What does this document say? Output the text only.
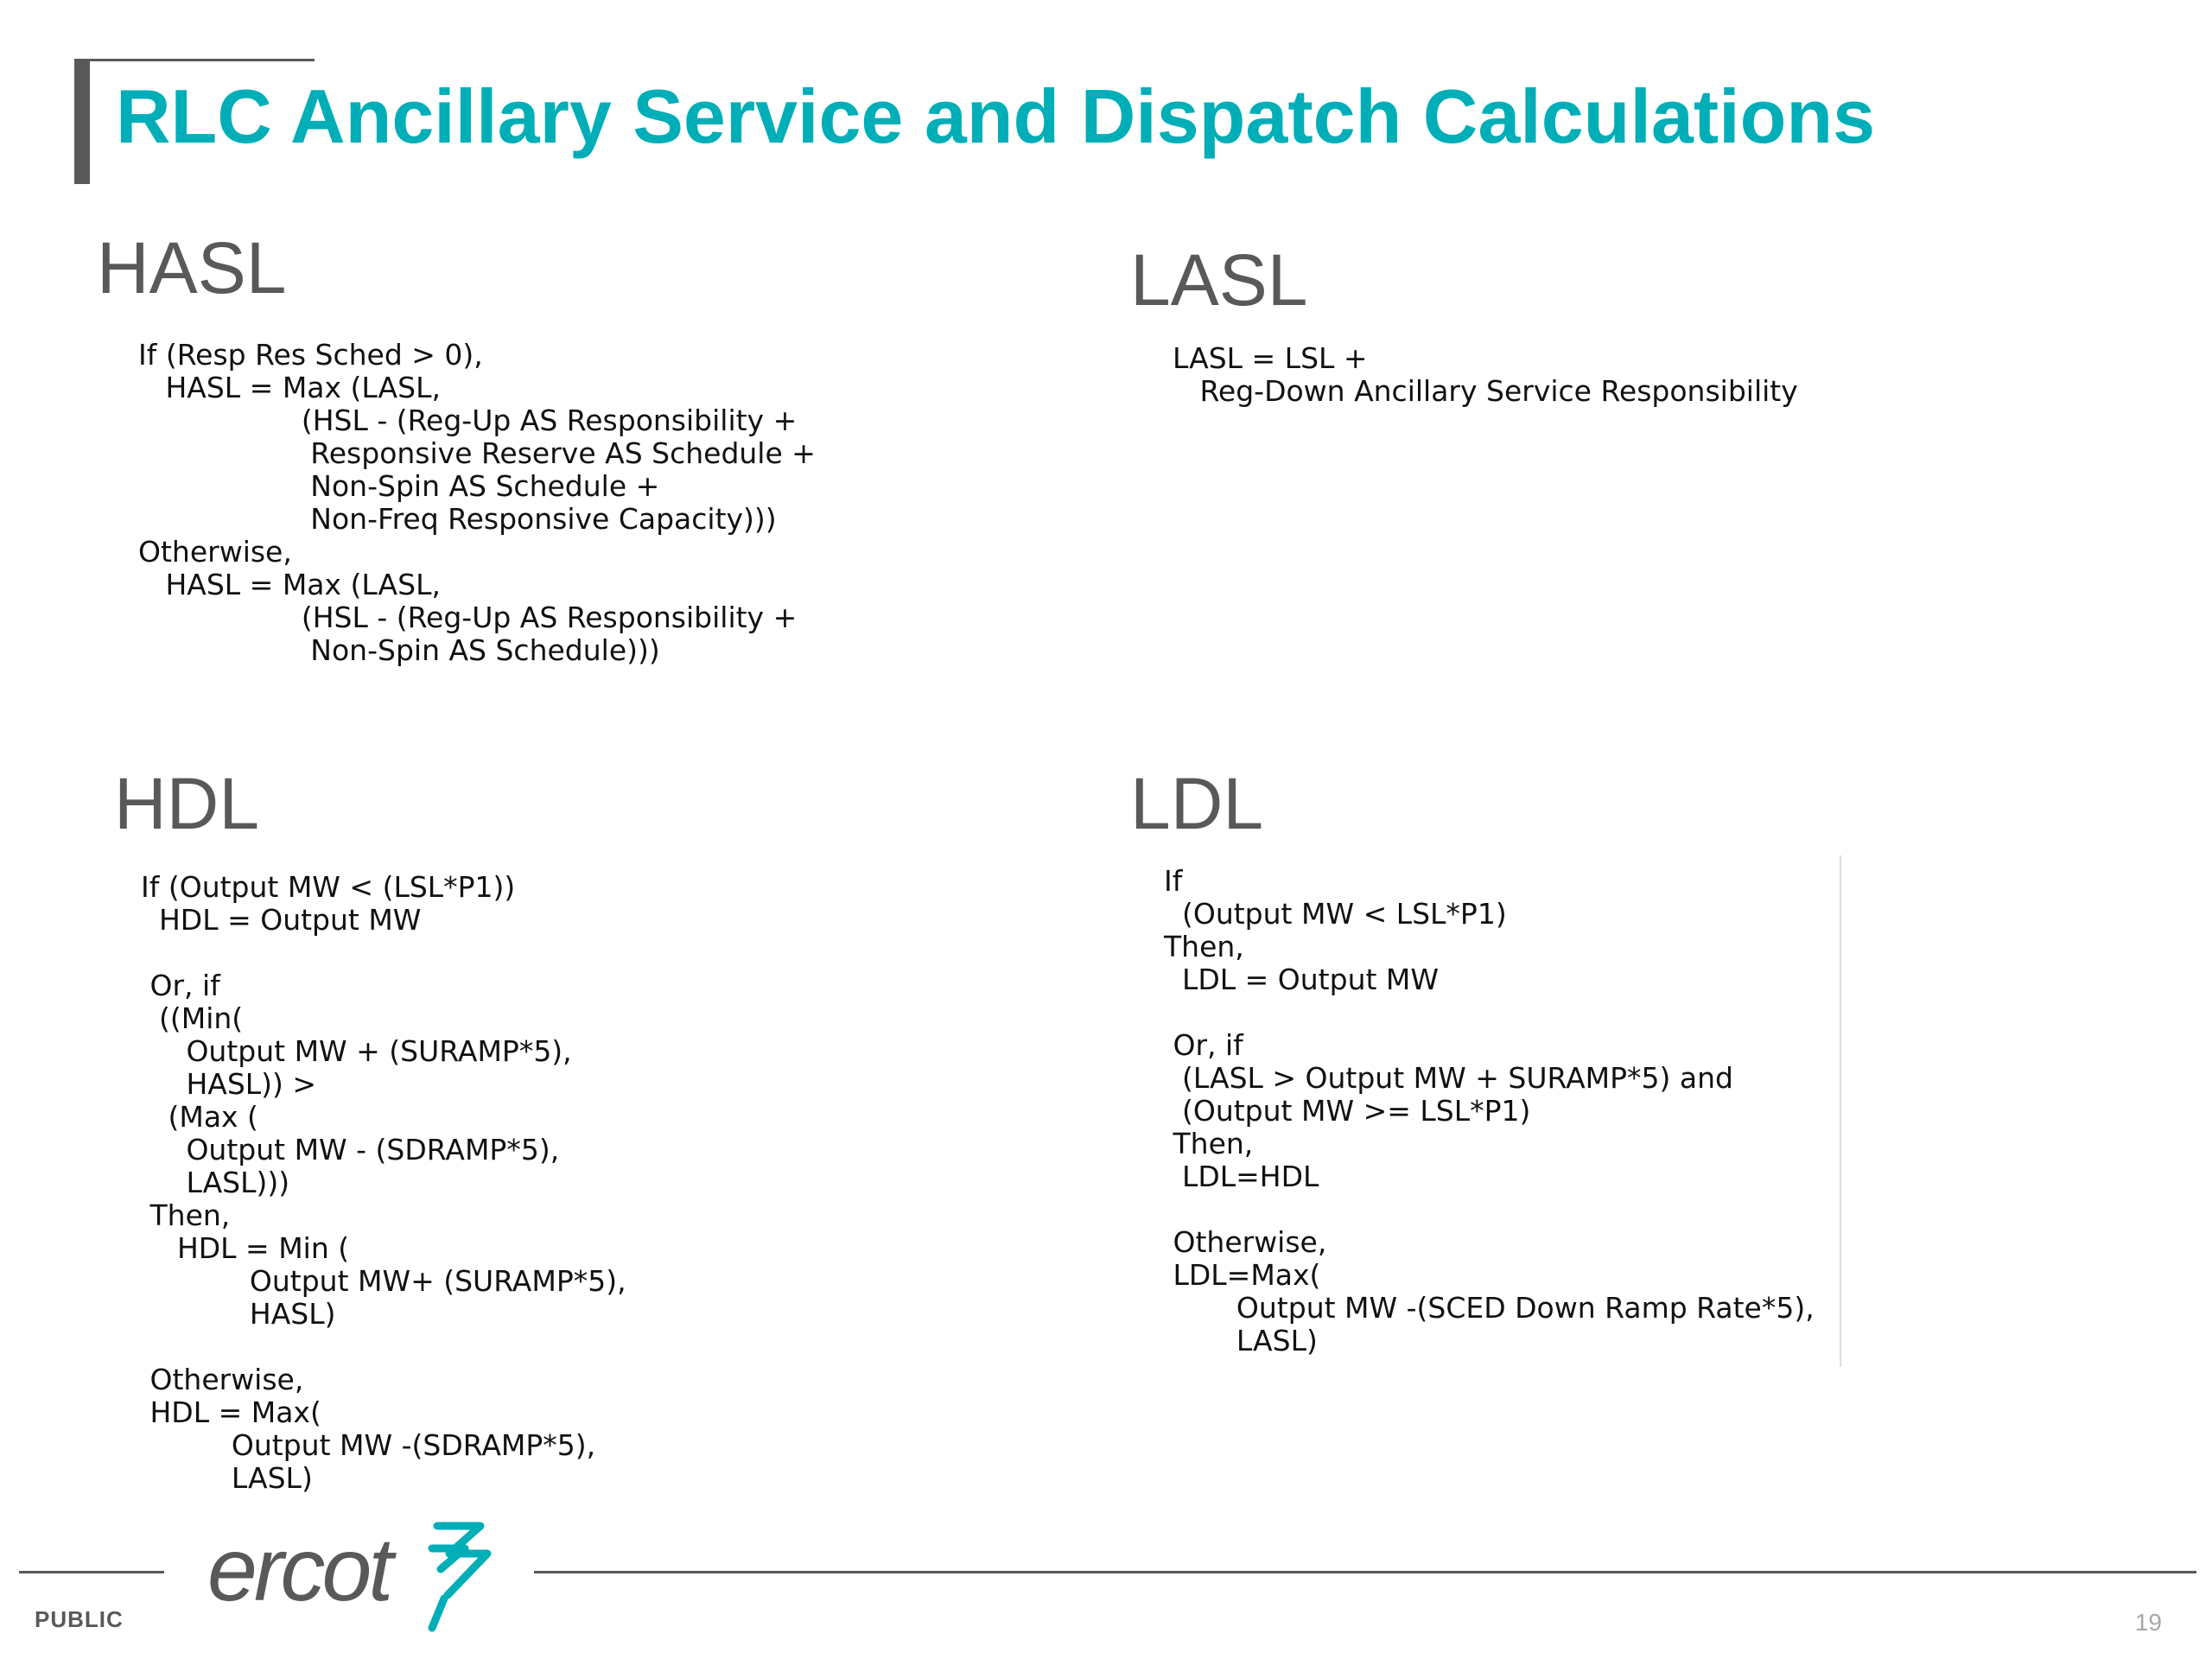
RLC Ancillary Service and Dispatch Calculations
HASL
If (Resp Res Sched > 0),
HASL = Max (LASL,
(HSL - (Reg-Up AS Responsibility +
Responsive Reserve AS Schedule +
Non-Spin AS Schedule +
Non-Freq Responsive Capacity)))
Otherwise,
HASL = Max (LASL,
(HSL - (Reg-Up AS Responsibility +
Non-Spin AS Schedule)))
LASL
LASL = LSL +
Reg-Down Ancillary Service Responsibility
HDL
If (Output MW < (LSL*P1))
HDL = Output MW

Or, if
((Min(
Output MW + (SURAMP*5),
HASL)) >
(Max (
Output MW - (SDRAMP*5),
LASL)))
Then,
HDL = Min (
Output MW+ (SURAMP*5),
HASL)

Otherwise,
HDL = Max(
Output MW -(SDRAMP*5),
LASL)
LDL
If
(Output MW < LSL*P1)
Then,
LDL = Output MW

Or, if
(LASL > Output MW + SURAMP*5) and
(Output MW >= LSL*P1)
Then,
LDL=HDL

Otherwise,
LDL=Max(
Output MW -(SCED Down Ramp Rate*5),
LASL)
ercot
PUBLIC	19
